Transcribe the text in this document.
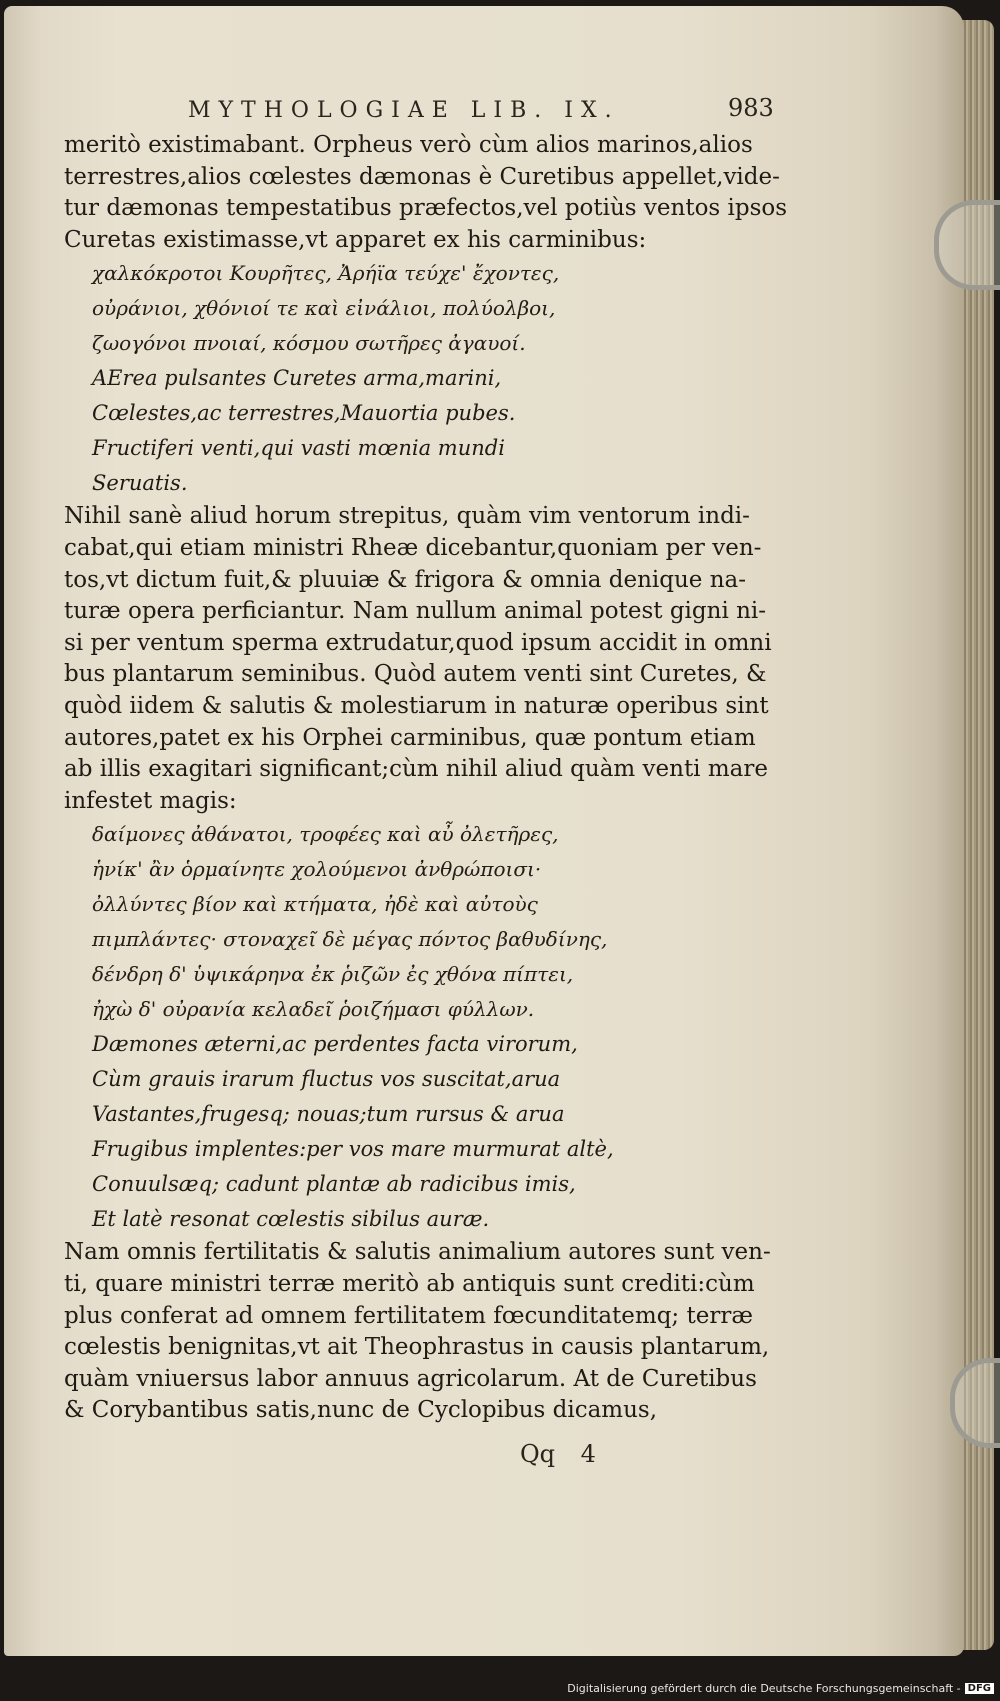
MYTHOLOGIAE LIB. IX.	983
meritò existimabant. Orpheus verò cùm alios marinos,alios
terrestres,alios cœlestes dæmonas è Curetibus appellet,vide-
tur dæmonas tempestatibus præfectos,vel potiùs ventos ipsos
Curetas existimasse,vt apparet ex his carminibus:
χαλκόκροτοι Κουρῆτες, Ἀρήϊα τεύχε' ἔχοντες,
οὐράνιοι, χθόνιοί τε καὶ εἰνάλιοι, πολύολβοι,
ζωογόνοι πνοιαί, κόσμου σωτῆρες ἀγαυοί.
AErea pulsantes Curetes arma,marini,
Cœlestes,ac terrestres,Mauortia pubes.
Fructiferi venti,qui vasti mœnia mundi
Seruatis.
Nihil sanè aliud horum strepitus, quàm vim ventorum indi-
cabat,qui etiam ministri Rheæ dicebantur,quoniam per ven-
tos,vt dictum fuit,& pluuiæ & frigora & omnia denique na-
turæ opera perficiantur. Nam nullum animal potest gigni ni-
si per ventum sperma extrudatur,quod ipsum accidit in omni
bus plantarum seminibus. Quòd autem venti sint Curetes, &
quòd iidem & salutis & molestiarum in naturæ operibus sint
autores,patet ex his Orphei carminibus, quæ pontum etiam
ab illis exagitari significant;cùm nihil aliud quàm venti mare
infestet magis:
δαίμονες ἀθάνατοι, τροφέες καὶ αὖ ὀλετῆρες,
ἡνίκ' ἂν ὁρμαίνητε χολούμενοι ἀνθρώποισι·
ὀλλύντες βίον καὶ κτήματα, ἠδὲ καὶ αὐτοὺς
πιμπλάντες· στοναχεῖ δὲ μέγας πόντος βαθυδίνης,
δένδρη δ' ὑψικάρηνα ἐκ ῥιζῶν ἐς χθόνα πίπτει,
ἠχὼ δ' οὐρανία κελαδεῖ ῥοιζήμασι φύλλων.
Dæmones æterni,ac perdentes facta virorum,
Cùm grauis irarum fluctus vos suscitat,arua
Vastantes,frugesq; nouas;tum rursus & arua
Frugibus implentes:per vos mare murmurat altè,
Conuulsæq; cadunt plantæ ab radicibus imis,
Et latè resonat cœlestis sibilus auræ.
Nam omnis fertilitatis & salutis animalium autores sunt ven-
ti, quare ministri terræ meritò ab antiquis sunt crediti:cùm
plus conferat ad omnem fertilitatem fœcunditatemq; terræ
cœlestis benignitas,vt ait Theophrastus in causis plantarum,
quàm vniuersus labor annuus agricolarum. At de Curetibus
& Corybantibus satis,nunc de Cyclopibus dicamus,
Qq 4
Digitalisierung gefördert durch die Deutsche Forschungsgemeinschaft - DFG
